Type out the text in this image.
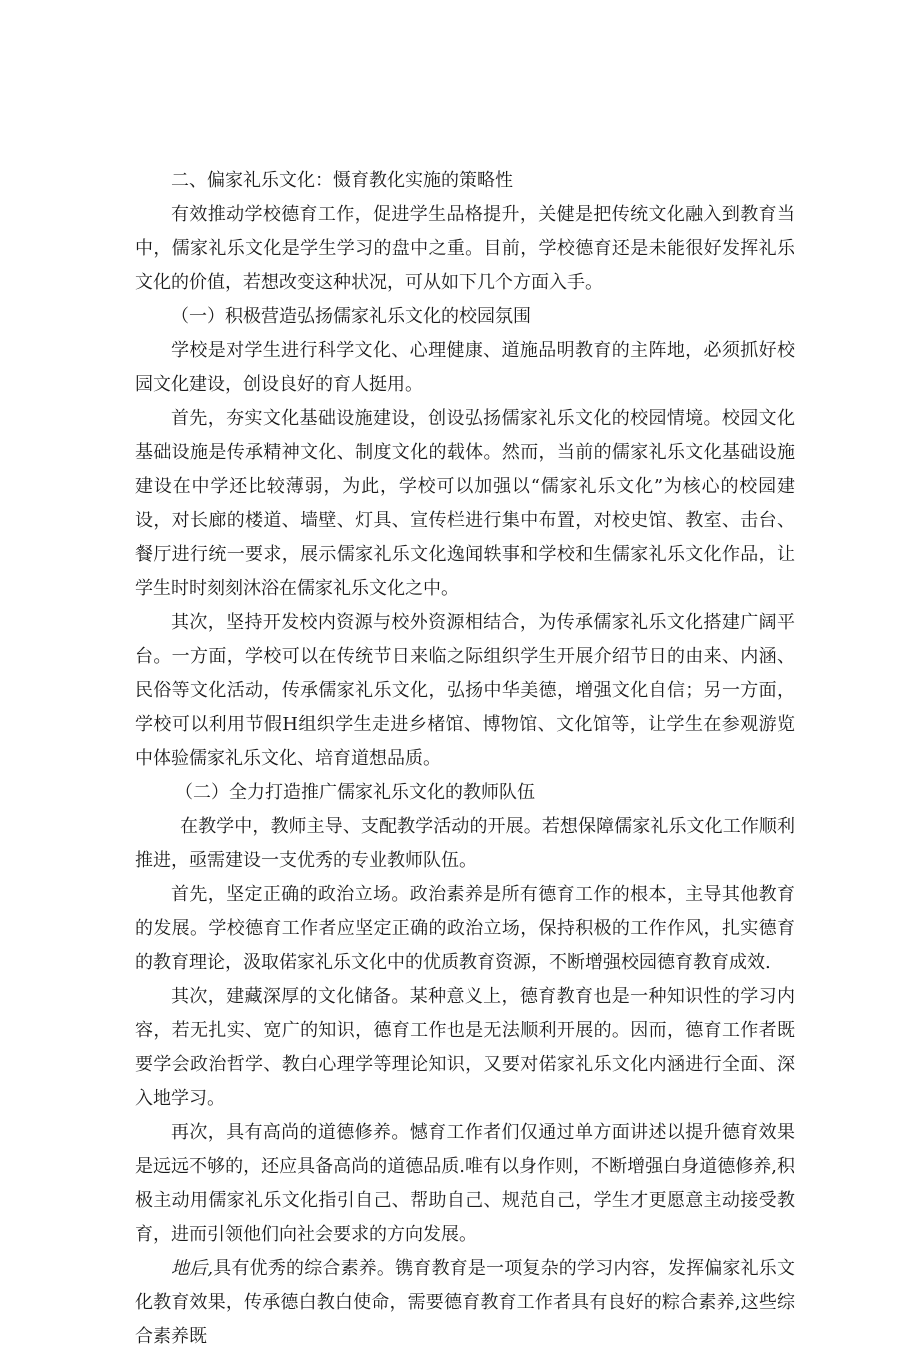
二、偏家礼乐文化：慑育教化实施的策略性

有效推动学校德育工作，促进学生品格提升，关健是把传统文化融入到教育当中，儒家礼乐文化是学生学习的盘中之重。目前，学校德育还是未能很好发挥礼乐文化的价值，若想改变这种状况，可从如下几个方面入手。

（一）积极营造弘扬儒家礼乐文化的校园氛围

学校是对学生进行科学文化、心理健康、道施品明教育的主阵地，必须抓好校园文化建设，创设良好的育人挺用。

首先，夯实文化基础设施建设，创设弘扬儒家礼乐文化的校园情境。校园文化基础设施是传承精神文化、制度文化的载体。然而，当前的儒家礼乐文化基础设施建设在中学还比较薄弱，为此，学校可以加强以“儒家礼乐文化”为核心的校园建设，对长廊的楼道、墙壁、灯具、宣传栏进行集中布置，对校史馆、教室、击台、餐厅进行统一要求，展示儒家礼乐文化逸闻轶事和学校和生儒家礼乐文化作品，让学生时时刻刻沐浴在儒家礼乐文化之中。

其次，坚持开发校内资源与校外资源相结合，为传承儒家礼乐文化搭建广阔平台。一方面，学校可以在传统节日来临之际组织学生开展介绍节日的由来、内涵、民俗等文化活动，传承儒家礼乐文化，弘扬中华美德，增强文化自信；另一方面，学校可以利用节假H组织学生走进乡楮馆、博物馆、文化馆等，让学生在参观游览中体验儒家礼乐文化、培育道想品质。

（二）全力打造推广儒家礼乐文化的教师队伍

在教学中，教师主导、支配教学活动的开展。若想保障儒家礼乐文化工作顺利推进，亟需建设一支优秀的专业教师队伍。

首先，坚定正确的政治立场。政治素养是所有德育工作的根本，主导其他教育的发展。学校德育工作者应坚定正确的政治立场，保持积极的工作作风，扎实德育的教育理论，汲取偌家礼乐文化中的优质教育资源，不断增强校园德育教育成效.

其次，建藏深厚的文化储备。某种意义上，德育教育也是一种知识性的学习内容，若无扎实、宽广的知识，德育工作也是无法顺利开展的。因而，德育工作者既要学会政治哲学、教白心理学等理论知识，又要对偌家礼乐文化内涵进行全面、深入地学习。

再次，具有高尚的道德修养。憾育工作者们仅通过单方面讲述以提升德育效果是远远不够的，还应具备高尚的道德品质.唯有以身作则，不断增强白身道德修养,积极主动用儒家礼乐文化指引自己、帮助自己、规范自己，学生才更愿意主动接受教育，进而引领他们向社会要求的方向发展。

地后,具有优秀的综合素养。镌育教育是一项复杂的学习内容，发挥偏家礼乐文化教育效果，传承德白教白使命，需要德育教育工作者具有良好的粽合素养,这些综合素养既
